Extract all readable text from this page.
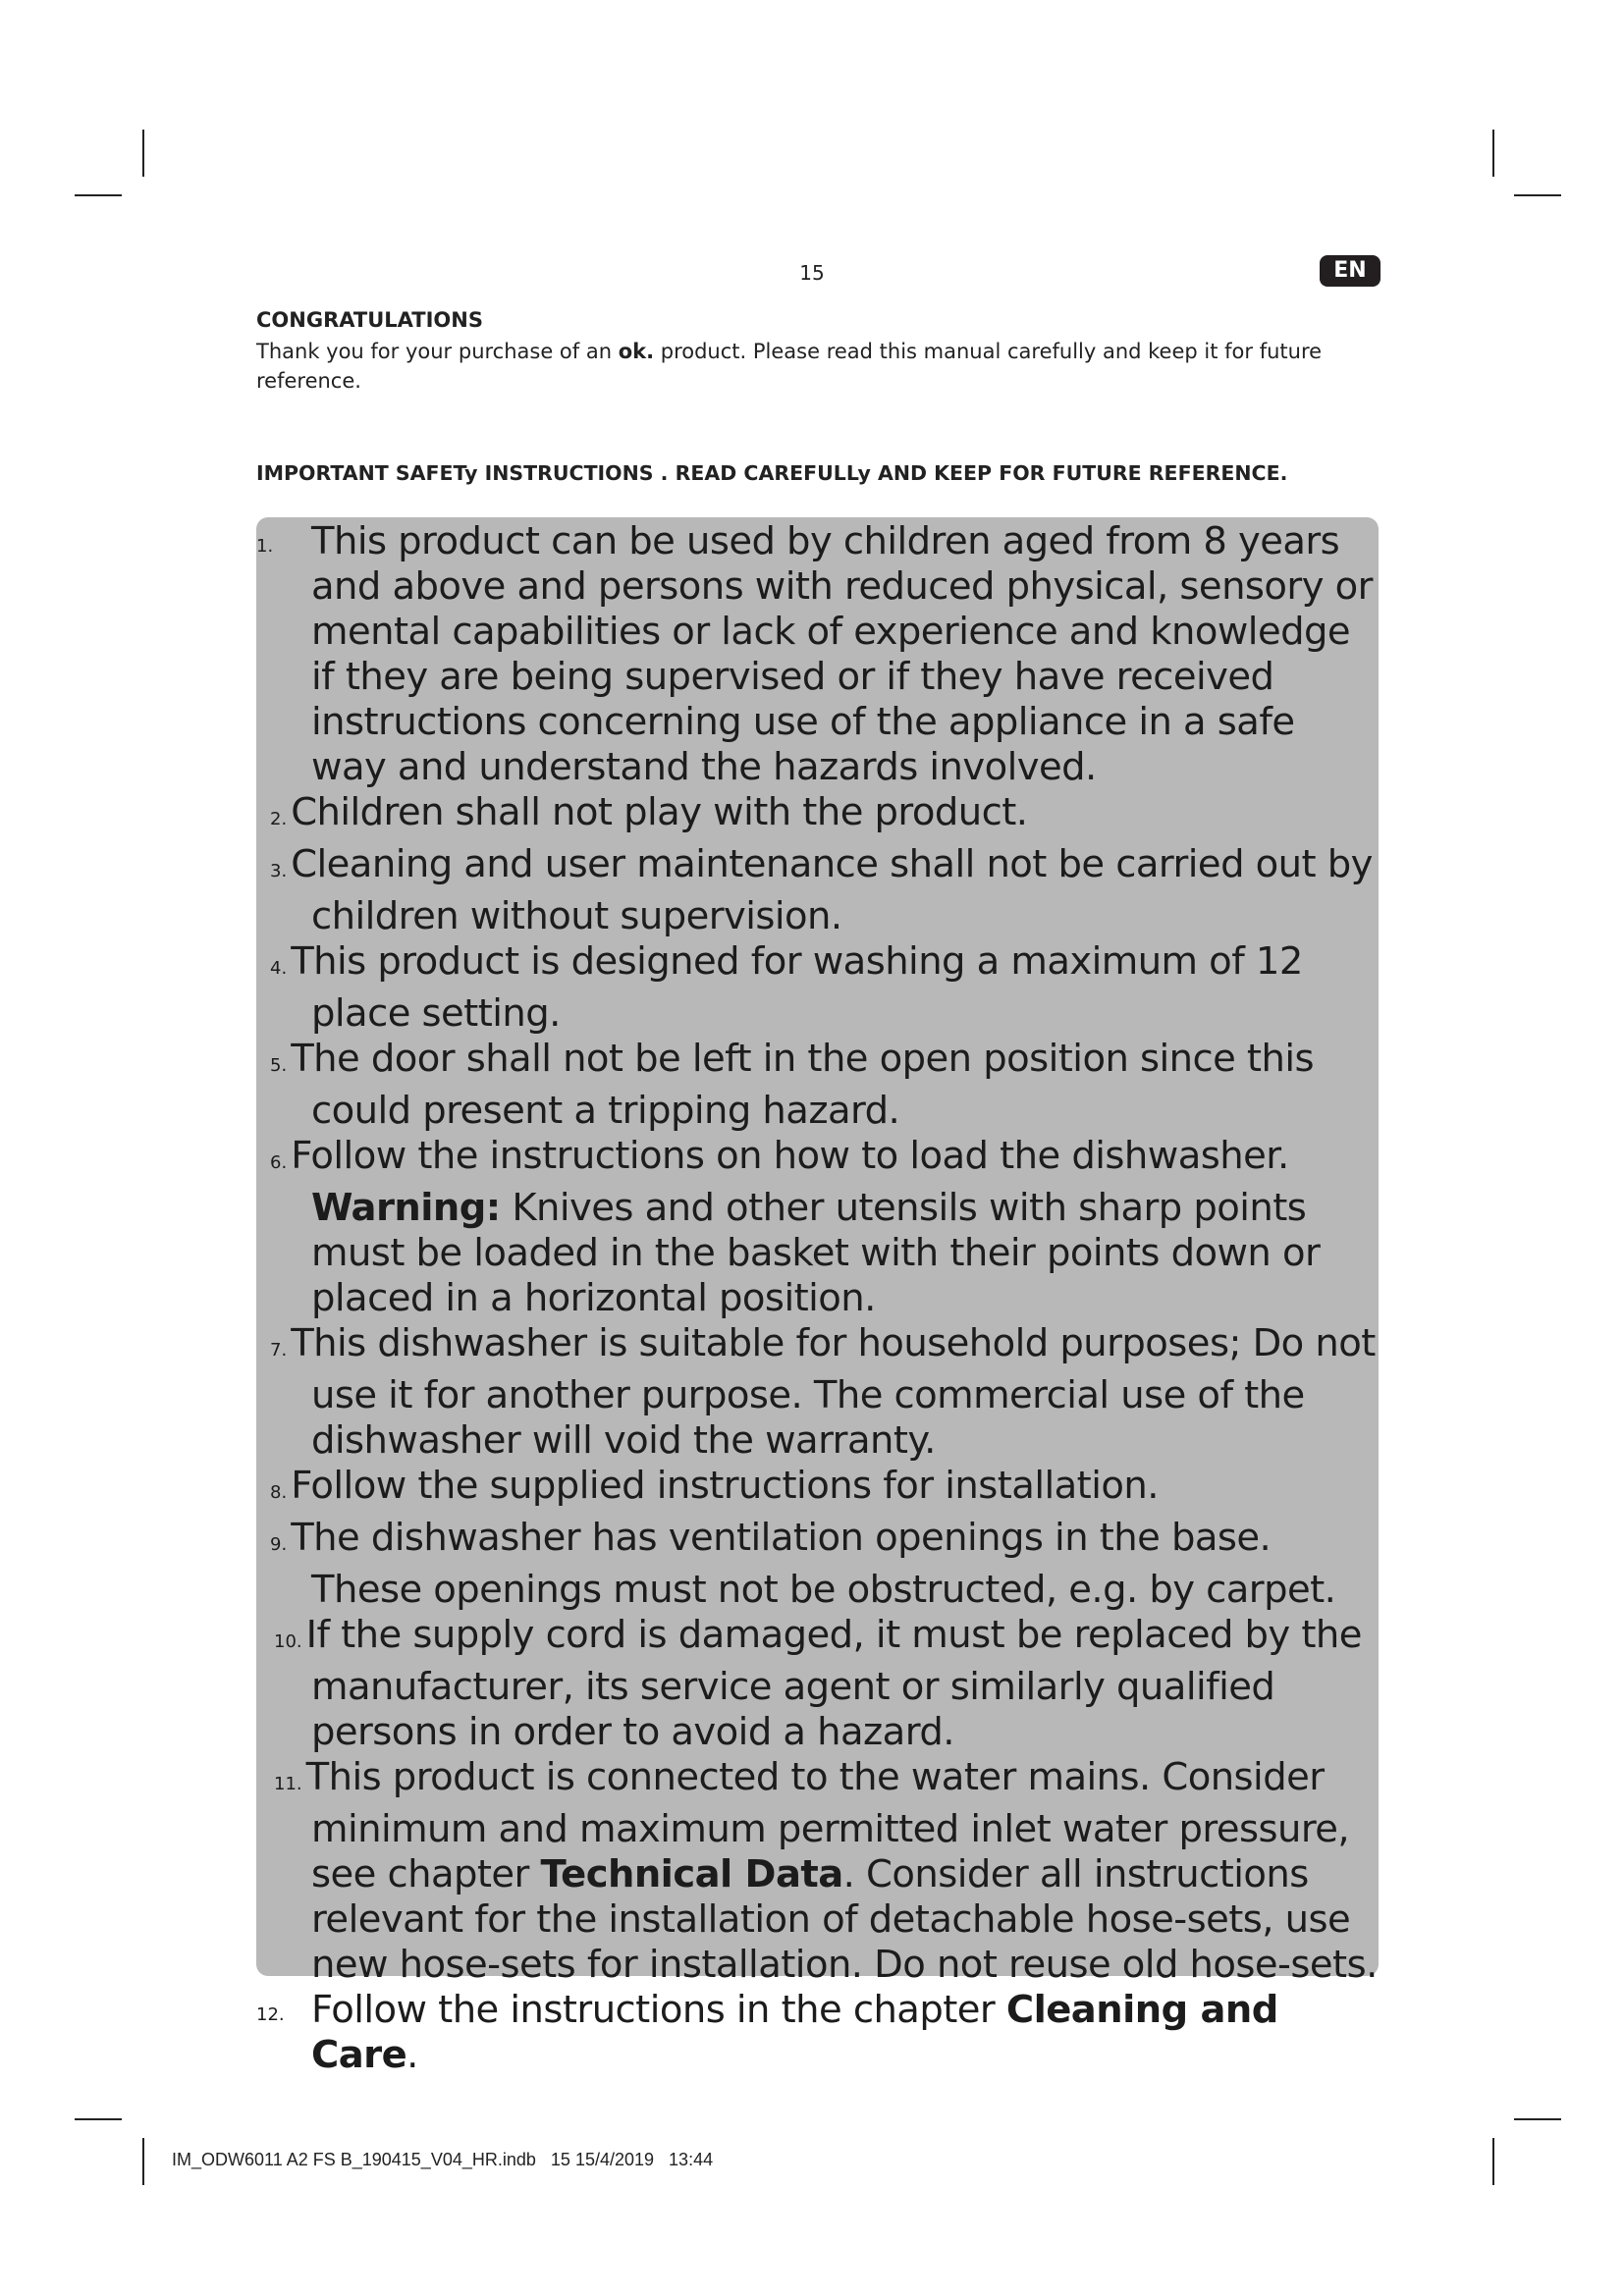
15	EN
CONGRATULATIONS
Thank you for your purchase of an ok. product. Please read this manual carefully and keep it for future reference.
IMPORTANT SAFETy INSTRUCTIONS . READ CAREFULLy AND KEEP FOR FUTURE REFERENCE.
1. This product can be used by children aged from 8 years and above and persons with reduced physical, sensory or mental capabilities or lack of experience and knowledge if they are being supervised or if they have received instructions concerning use of the appliance in a safe way and understand the hazards involved.
2. Children shall not play with the product.
3. Cleaning and user maintenance shall not be carried out by children without supervision.
4. This product is designed for washing a maximum of 12 place setting.
5. The door shall not be left in the open position since this could present a tripping hazard.
6. Follow the instructions on how to load the dishwasher.
Warning: Knives and other utensils with sharp points must be loaded in the basket with their points down or placed in a horizontal position.
7. This dishwasher is suitable for household purposes; Do not use it for another purpose. The commercial use of the dishwasher will void the warranty.
8. Follow the supplied instructions for installation.
9. The dishwasher has ventilation openings in the base. These openings must not be obstructed, e.g. by carpet.
10. If the supply cord is damaged, it must be replaced by the manufacturer, its service agent or similarly qualified persons in order to avoid a hazard.
11. This product is connected to the water mains. Consider minimum and maximum permitted inlet water pressure, see chapter Technical Data. Consider all instructions relevant for the installation of detachable hose-sets, use new hose-sets for installation. Do not reuse old hose-sets.
12. Follow the instructions in the chapter Cleaning and Care.
IM_ODW6011 A2 FS B_190415_V04_HR.indb 15 15/4/2019 13:44
